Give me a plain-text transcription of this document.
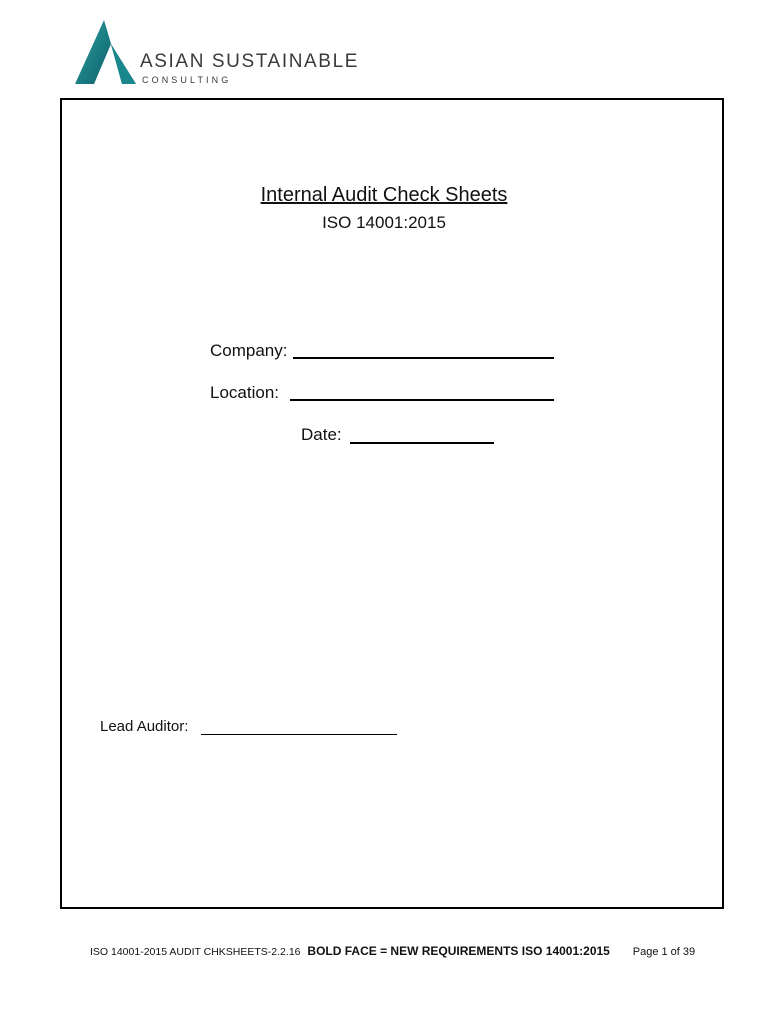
ASIAN SUSTAINABLE
CONSULTING
Internal Audit Check Sheets
ISO 14001:2015
Company:
Location:
Date:
Lead Auditor:
ISO 14001-2015 AUDIT CHKSHEETS-2.2.16 BOLD FACE = NEW REQUIREMENTS ISO 14001:2015 Page 1 of 39
